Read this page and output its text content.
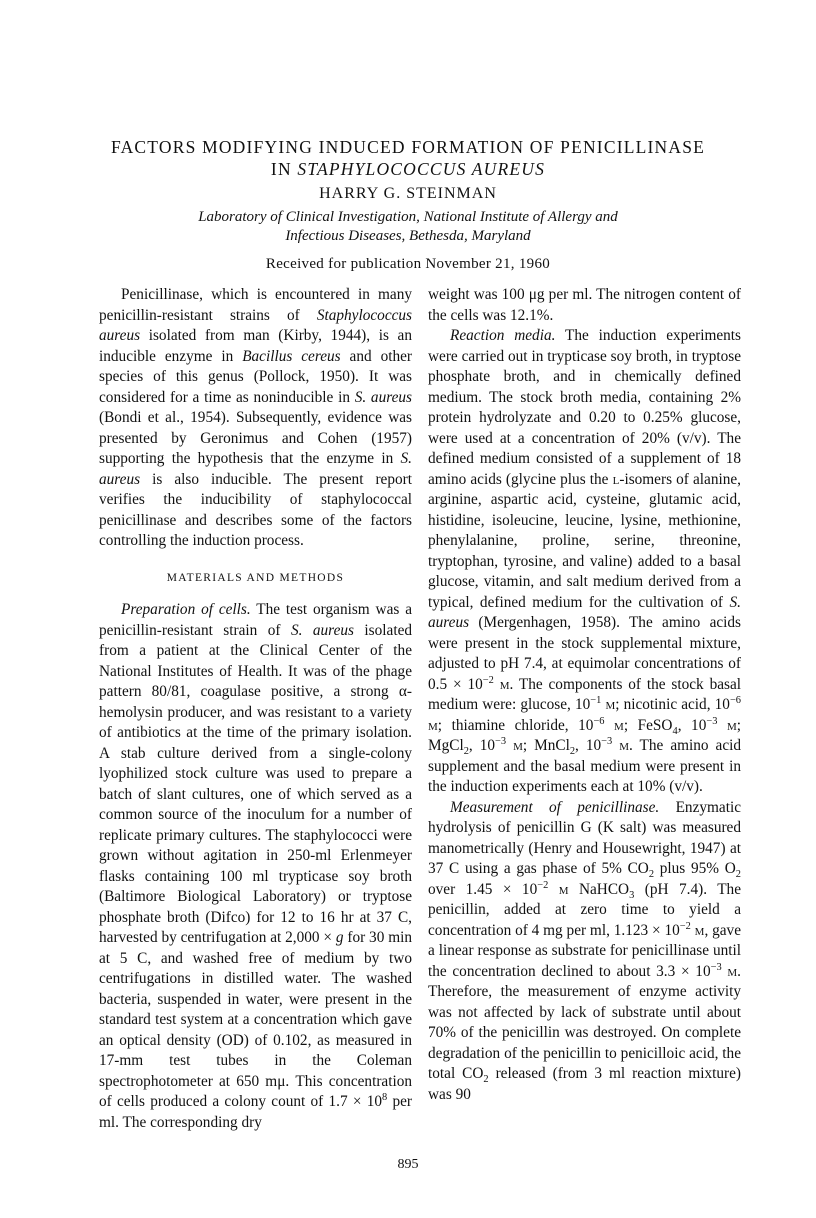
FACTORS MODIFYING INDUCED FORMATION OF PENICILLINASE
IN STAPHYLOCOCCUS AUREUS
HARRY G. STEINMAN
Laboratory of Clinical Investigation, National Institute of Allergy and
Infectious Diseases, Bethesda, Maryland
Received for publication November 21, 1960

Penicillinase, which is encountered in many penicillin-resistant strains of Staphylococcus aureus isolated from man (Kirby, 1944), is an inducible enzyme in Bacillus cereus and other species of this genus (Pollock, 1950). It was considered for a time as noninducible in S. aureus (Bondi et al., 1954). Subsequently, evidence was presented by Geronimus and Cohen (1957) supporting the hypothesis that the enzyme in S. aureus is also inducible. The present report verifies the inducibility of staphylococcal penicillinase and describes some of the factors controlling the induction process.

MATERIALS AND METHODS

Preparation of cells. The test organism was a penicillin-resistant strain of S. aureus isolated from a patient at the Clinical Center of the National Institutes of Health. It was of the phage pattern 80/81, coagulase positive, a strong α-hemolysin producer, and was resistant to a variety of antibiotics at the time of the primary isolation. A stab culture derived from a single-colony lyophilized stock culture was used to prepare a batch of slant cultures, one of which served as a common source of the inoculum for a number of replicate primary cultures. The staphylococci were grown without agitation in 250-ml Erlenmeyer flasks containing 100 ml trypticase soy broth (Baltimore Biological Laboratory) or tryptose phosphate broth (Difco) for 12 to 16 hr at 37 C, harvested by centrifugation at 2,000 × g for 30 min at 5 C, and washed free of medium by two centrifugations in distilled water. The washed bacteria, suspended in water, were present in the standard test system at a concentration which gave an optical density (OD) of 0.102, as measured in 17-mm test tubes in the Coleman spectrophotometer at 650 mμ. This concentration of cells produced a colony count of $1.7 \times 10^8$ per ml. The corresponding dry

weight was 100 μg per ml. The nitrogen content of the cells was 12.1%.

Reaction media. The induction experiments were carried out in trypticase soy broth, in tryptose phosphate broth, and in chemically defined medium. The stock broth media, containing 2% protein hydrolyzate and 0.20 to 0.25% glucose, were used at a concentration of 20% (v/v). The defined medium consisted of a supplement of 18 amino acids (glycine plus the l-isomers of alanine, arginine, aspartic acid, cysteine, glutamic acid, histidine, isoleucine, leucine, lysine, methionine, phenylalanine, proline, serine, threonine, tryptophan, tyrosine, and valine) added to a basal glucose, vitamin, and salt medium derived from a typical, defined medium for the cultivation of S. aureus (Mergenhagen, 1958). The amino acids were present in the stock supplemental mixture, adjusted to pH 7.4, at equimolar concentrations of $0.5 \times 10^{-2}$ m. The components of the stock basal medium were: glucose, $10^{-1}$ m; nicotinic acid, $10^{-6}$ m; thiamine chloride, $10^{-6}$ m; FeSO$_4$, $10^{-3}$ m; MgCl$_2$, $10^{-3}$ m; MnCl$_2$, $10^{-3}$ m. The amino acid supplement and the basal medium were present in the induction experiments each at 10% (v/v).

Measurement of penicillinase. Enzymatic hydrolysis of penicillin G (K salt) was measured manometrically (Henry and Housewright, 1947) at 37 C using a gas phase of 5% $CO_2$ plus 95% $O_2$ over $1.45 \times 10^{-2}$ m NaHCO$_3$ (pH 7.4). The penicillin, added at zero time to yield a concentration of 4 mg per ml, $1.123 \times 10^{-2}$ m, gave a linear response as substrate for penicillinase until the concentration declined to about $3.3 \times 10^{-3}$ m. Therefore, the measurement of enzyme activity was not affected by lack of substrate until about 70% of the penicillin was destroyed. On complete degradation of the penicillin to penicilloic acid, the total $CO_2$ released (from 3 ml reaction mixture) was 90

895
